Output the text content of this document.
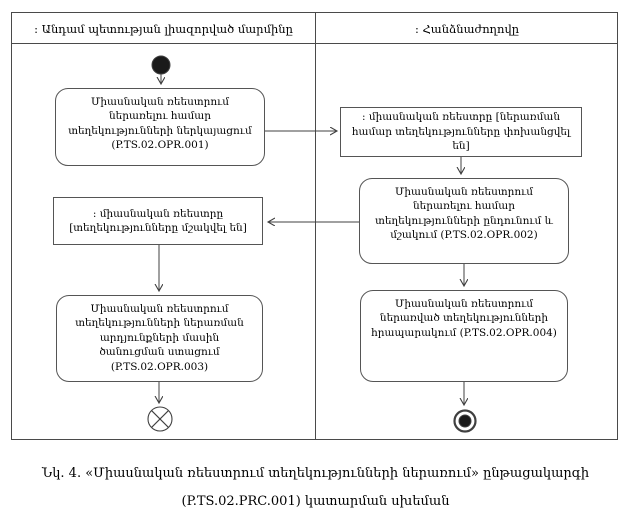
: Անդամ պետության լիազորված մարմինը	: Հանձնաժողովը
Միասնական ռեեստրում ներառելու համար տեղեկությունների ներկայացում (P.TS.02.OPR.001)
: միասնական ռեեստրը [ներառման համար տեղեկությունները փոխանցվել են]
Միասնական ռեեստրում ներառելու համար տեղեկությունների ընդունում և մշակում (P.TS.02.OPR.002)
: միասնական ռեեստրը [տեղեկությունները մշակվել են]
Միասնական ռեեստրում տեղեկությունների ներառման արդյունքների մասին ծանուցման ստացում (P.TS.02.OPR.003)
Միասնական ռեեստրում ներառված տեղեկությունների հրապարակում (P.TS.02.OPR.004)
Նկ. 4. «Միասնական ռեեստրում տեղեկությունների ներառում» ընթացակարգի
(P.TS.02.PRC.001) կատարման սխեման
